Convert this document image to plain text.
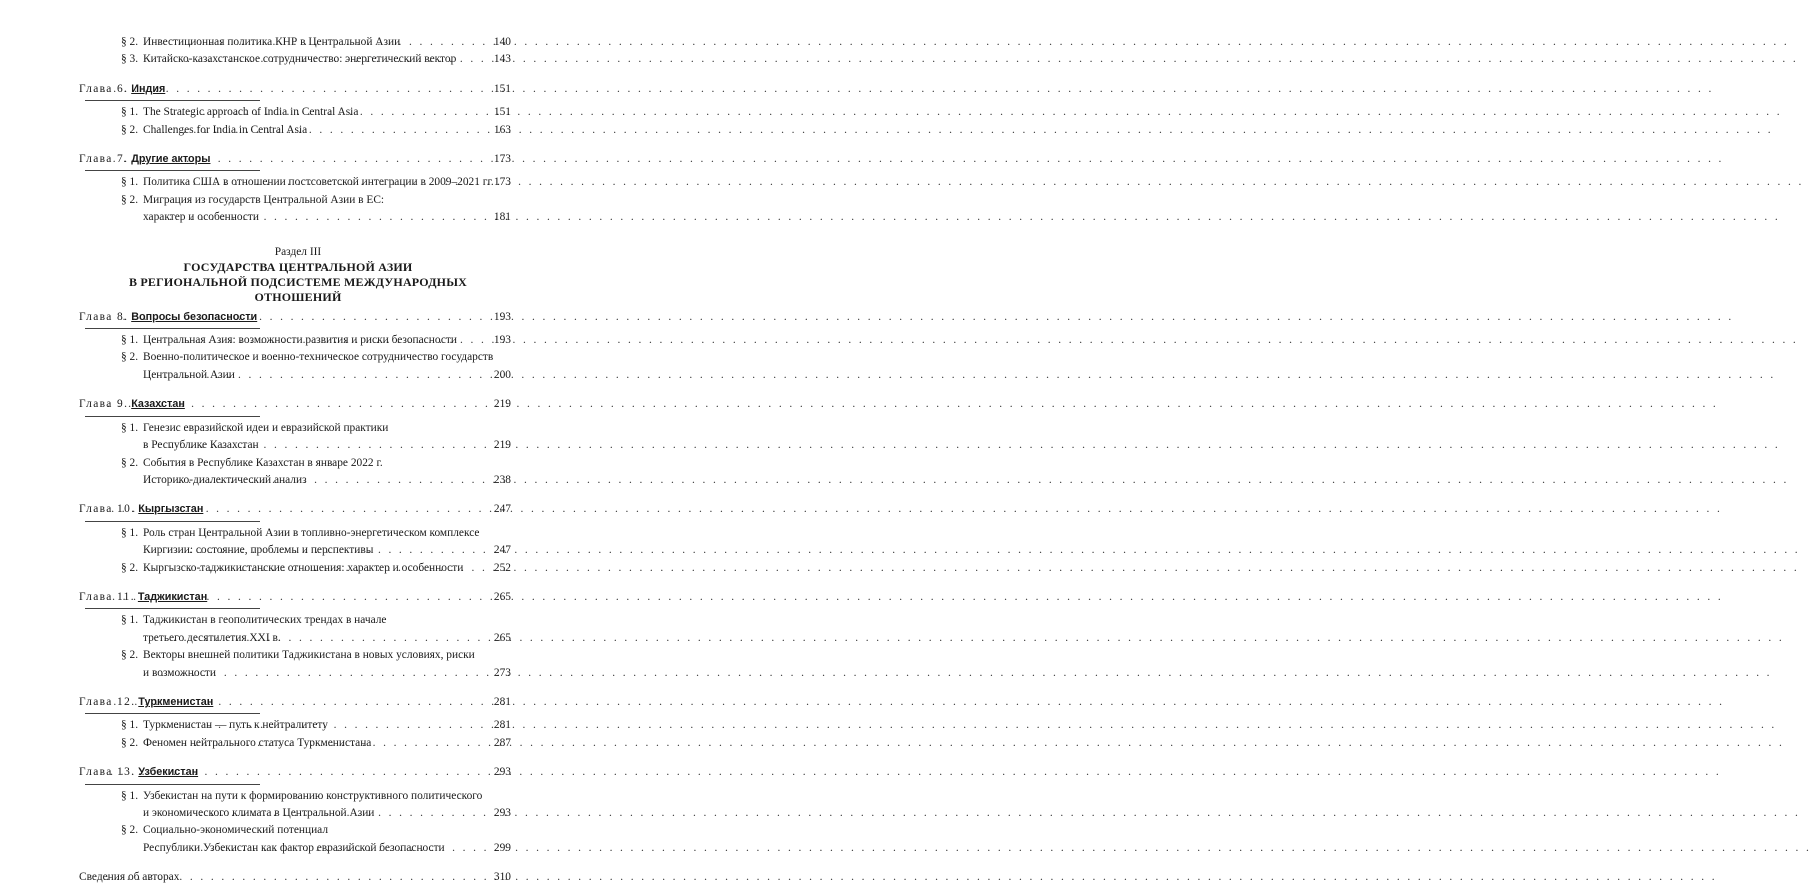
§ 2. Инвестиционная политика КНР в Центральной Азии . . .	140
§ 3. Китайско-казахстанское сотрудничество: энергетический вектор . . .	143
Глава 6. Индия . . .	151
§ 1. The Strategic approach of India in Central Asia . . .	151
§ 2. Challenges for India in Central Asia . . .	163
Глава 7. Другие акторы . . .	173
§ 1. Политика США в отношении постсоветской интеграции в 2009–2021 гг. . . . 173
§ 2. Миграция из государств Центральной Азии в ЕС:
характер и особенности . . .	181
Раздел III
ГОСУДАРСТВА ЦЕНТРАЛЬНОЙ АЗИИ
В РЕГИОНАЛЬНОЙ ПОДСИСТЕМЕ МЕЖДУНАРОДНЫХ ОТНОШЕНИЙ
Глава 8. Вопросы безопасности . . .	193
§ 1. Центральная Азия: возможности развития и риски безопасности . . .	193
§ 2. Военно-политическое и военно-техническое сотрудничество государств
Центральной Азии . . .	200
Глава 9. Казахстан . . .	219
§ 1. Генезис евразийской идеи и евразийской практики
в Республике Казахстан . . .	219
§ 2. События в Республике Казахстан в январе 2022 г.
Историко-диалектический анализ . . .	238
Глава 10. Кыргызстан . . .	247
§ 1. Роль стран Центральной Азии в топливно-энергетическом комплексе
Киргизии: состояние, проблемы и перспективы . . .	247
§ 2. Кыргызско-таджикистанские отношения: характер и особенности . . .	252
Глава 11. Таджикистан . . .	265
§ 1. Таджикистан в геополитических трендах в начале
третьего десятилетия XXI в. . . .	265
§ 2. Векторы внешней политики Таджикистана в новых условиях, риски
и возможности . . .	273
Глава 12. Туркменистан . . .	281
§ 1. Туркменистан — путь к нейтралитету . . .	281
§ 2. Феномен нейтрального статуса Туркменистана . . .	287
Глава 13. Узбекистан . . .	293
§ 1. Узбекистан на пути к формированию конструктивного политического
и экономического климата в Центральной Азии . . .	293
§ 2. Социально-экономический потенциал
Республики Узбекистан как фактор евразийской безопасности . . .	299
Сведения об авторах . . .	310
